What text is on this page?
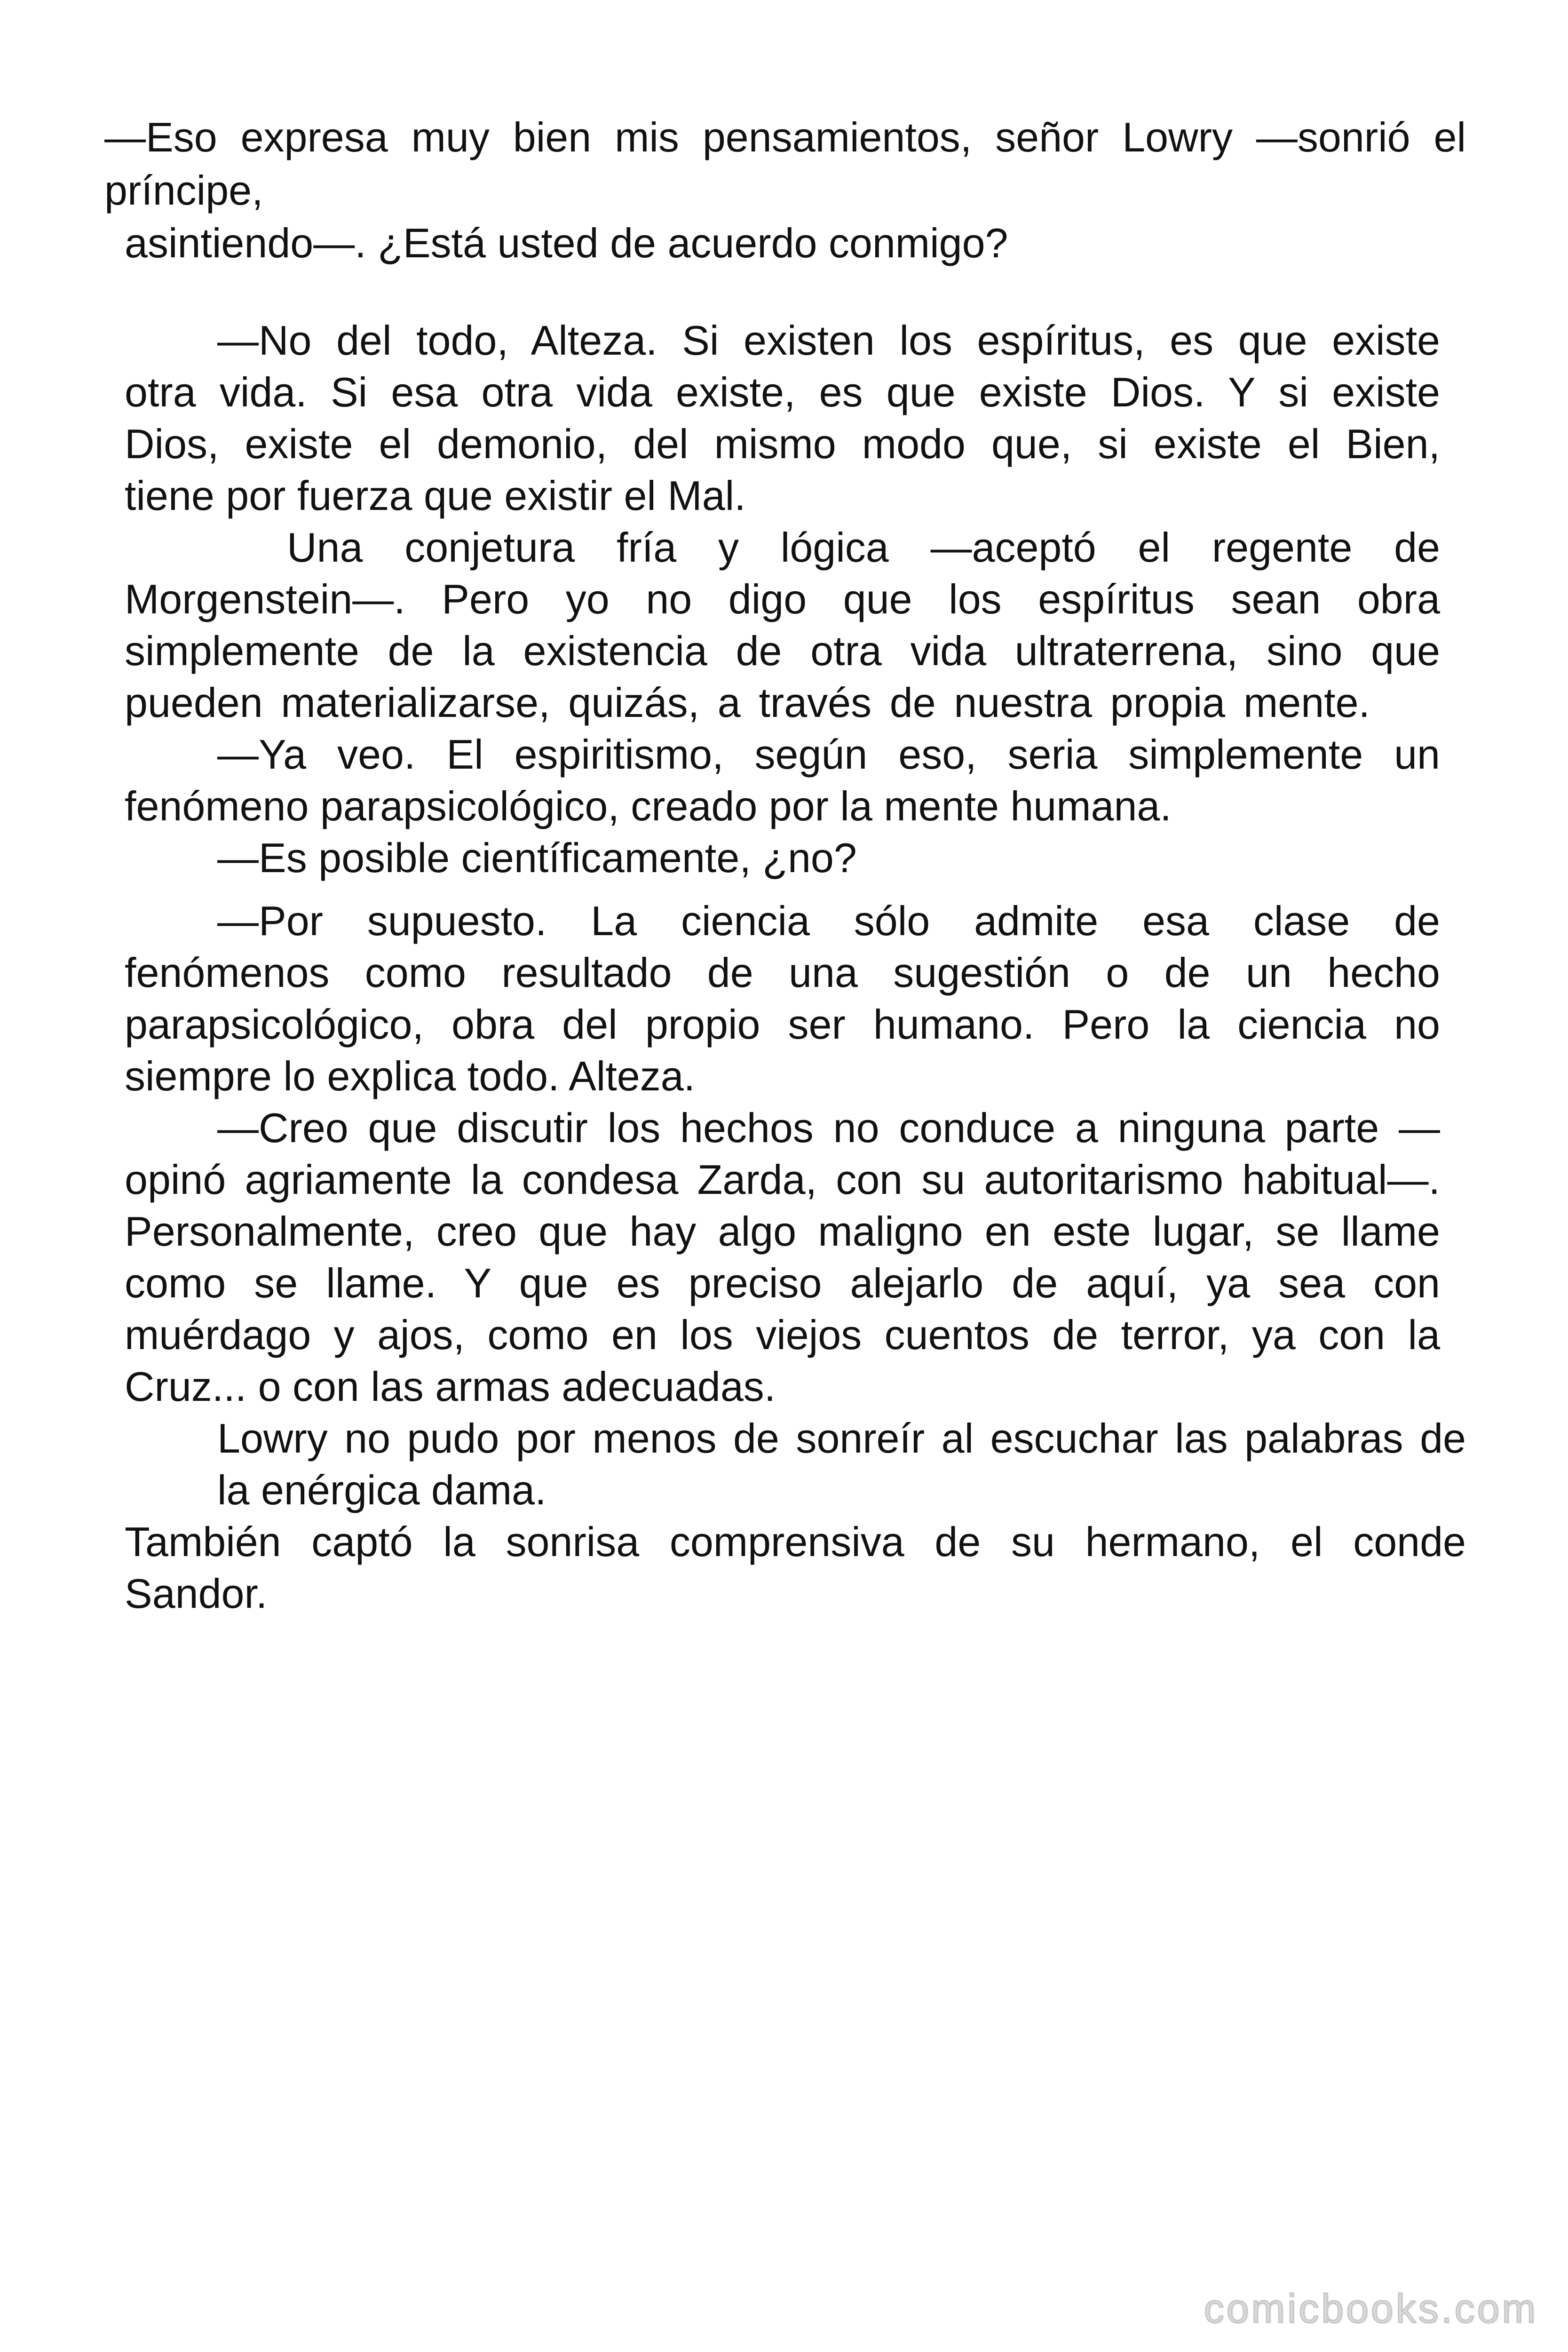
—Eso expresa muy bien mis pensamientos, señor Lowry —sonrió el
príncipe,
asintiendo—. ¿Está usted de acuerdo conmigo?
—No del todo, Alteza. Si existen los espíritus, es que existe
otra vida. Si esa otra vida existe, es que existe Dios. Y si existe
Dios, existe el demonio, del mismo modo que, si existe el Bien,
tiene por fuerza que existir el Mal.
Una conjetura fría y lógica —aceptó el regente de
Morgenstein—. Pero yo no digo que los espíritus sean obra
simplemente de la existencia de otra vida ultraterrena, sino que
pueden materializarse, quizás, a través de nuestra propia mente.
—Ya veo. El espiritismo, según eso, seria simplemente un
fenómeno parapsicológico, creado por la mente humana.
—Es posible científicamente, ¿no?
—Por supuesto. La ciencia sólo admite esa clase de
fenómenos como resultado de una sugestión o de un hecho
parapsicológico, obra del propio ser humano. Pero la ciencia no
siempre lo explica todo. Alteza.
—Creo que discutir los hechos no conduce a ninguna parte —
opinó agriamente la condesa Zarda, con su autoritarismo habitual—.
Personalmente, creo que hay algo maligno en este lugar, se llame
como se llame. Y que es preciso alejarlo de aquí, ya sea con
muérdago y ajos, como en los viejos cuentos de terror, ya con la
Cruz... o con las armas adecuadas.
Lowry no pudo por menos de sonreír al escuchar las palabras de
la enérgica dama.
También captó la sonrisa comprensiva de su hermano, el conde
Sandor.
comicbooks.com
